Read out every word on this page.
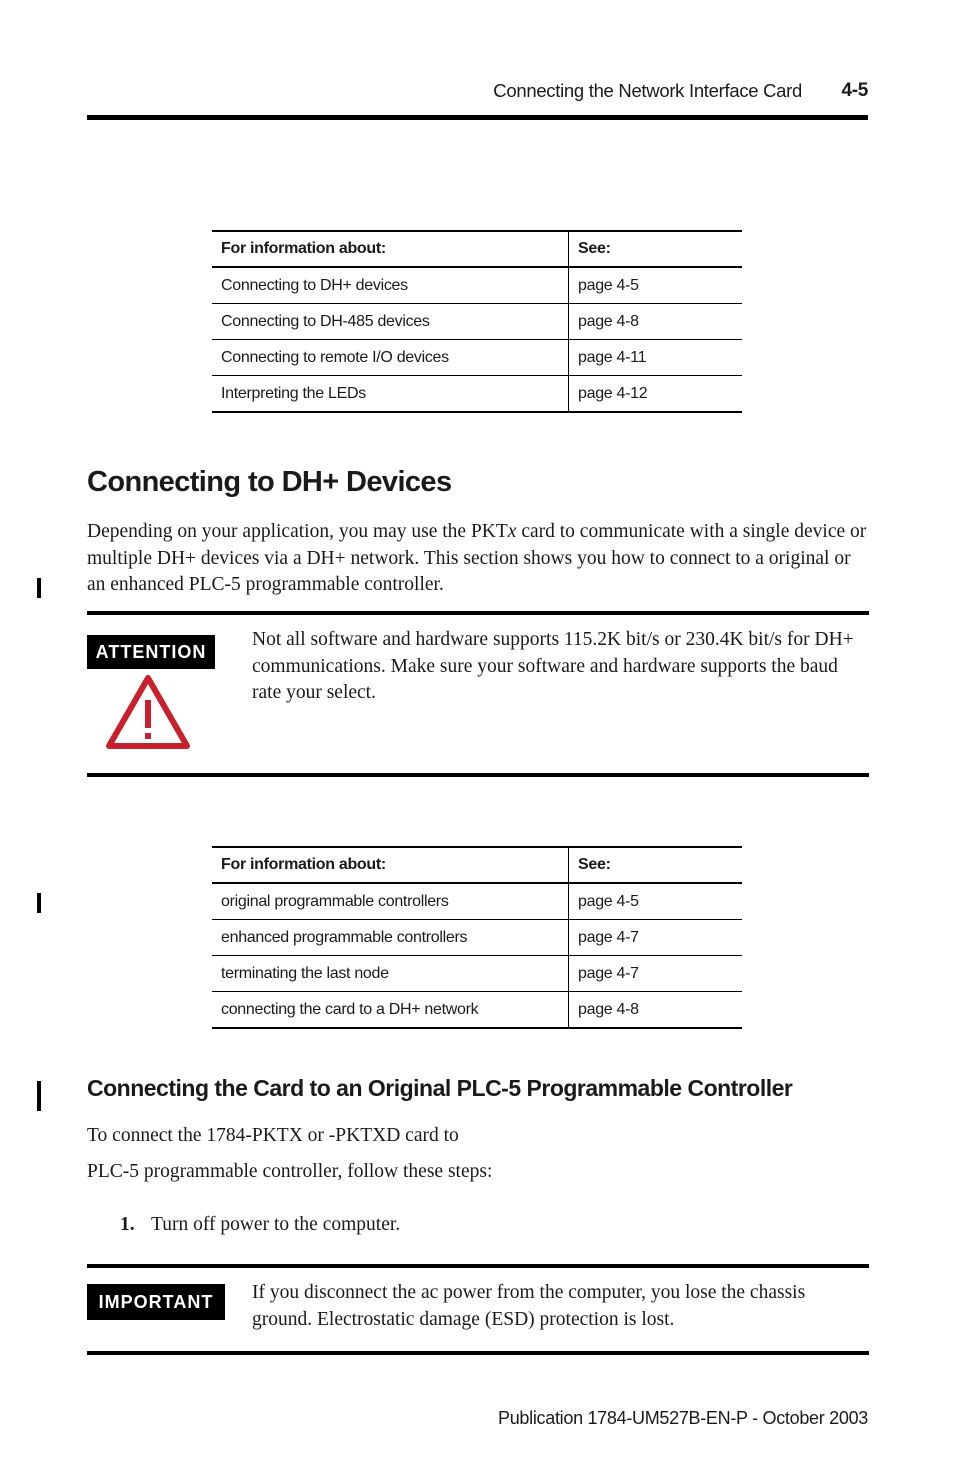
Connecting the Network Interface Card	4-5
For information about:	See:
Connecting to DH+ devices	page 4-5
Connecting to DH-485 devices	page 4-8
Connecting to remote I/O devices	page 4-11
Interpreting the LEDs	page 4-12
Connecting to DH+ Devices

Depending on your application, you may use the PKTx card to communicate with a single device or multiple DH+ devices via a DH+ network. This section shows you how to connect to a original or an enhanced PLC-5 programmable controller.

ATTENTION

Not all software and hardware supports 115.2K bit/s or 230.4K bit/s for DH+ communications. Make sure your software and hardware supports the baud rate your select.

For information about:	See:
original programmable controllers	page 4-5
enhanced programmable controllers	page 4-7
terminating the last node	page 4-7
connecting the card to a DH+ network	page 4-8
Connecting the Card to an Original PLC-5 Programmable Controller
To connect the 1784-PKTX or -PKTXD card to
PLC-5 programmable controller, follow these steps:
1. Turn off power to the computer.
IMPORTANT	If you disconnect the ac power from the computer, you lose the chassis ground. Electrostatic damage (ESD) protection is lost.

Publication 1784-UM527B-EN-P - October 2003
